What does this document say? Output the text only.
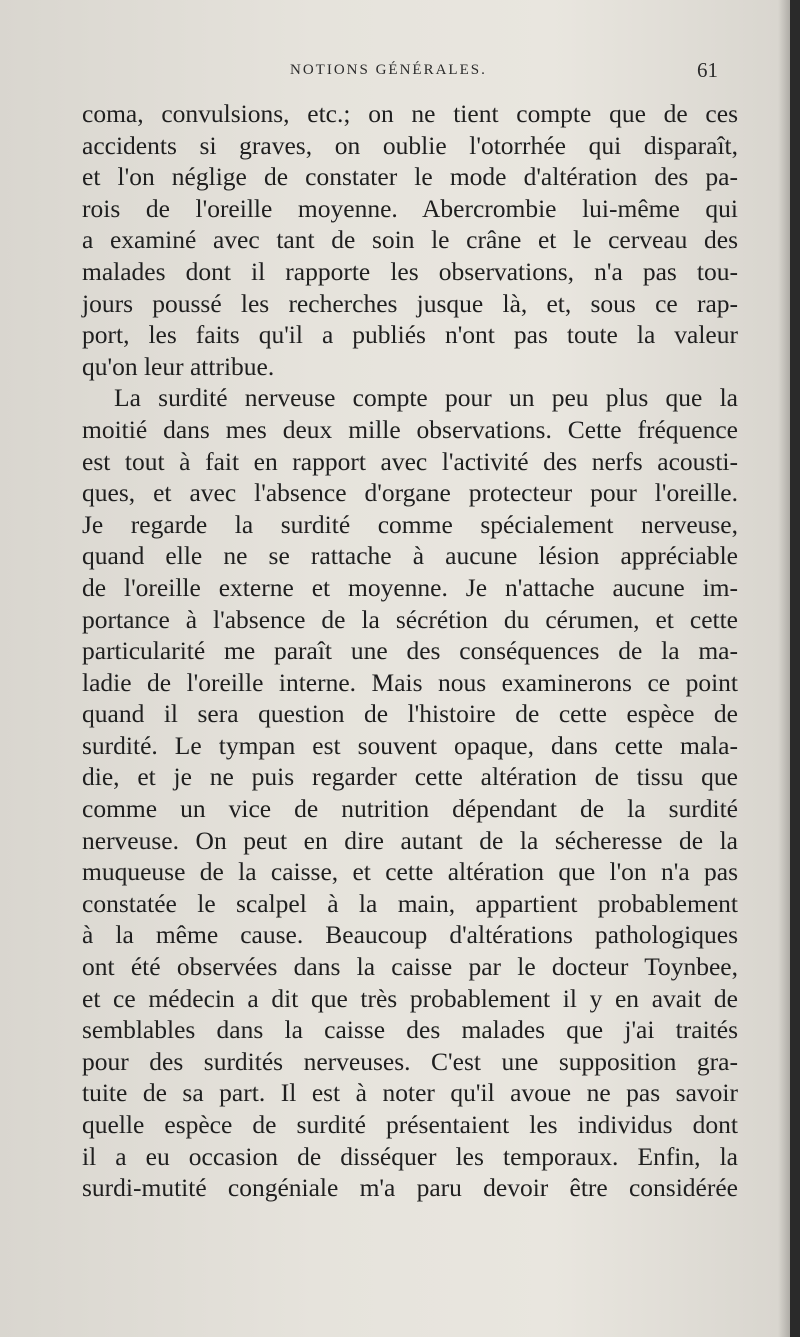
NOTIONS GÉNÉRALES.	61
coma, convulsions, etc.; on ne tient compte que de ces
accidents si graves, on oublie l'otorrhée qui disparaît,
et l'on néglige de constater le mode d'altération des pa-
rois de l'oreille moyenne. Abercrombie lui-même qui
a examiné avec tant de soin le crâne et le cerveau des
malades dont il rapporte les observations, n'a pas tou-
jours poussé les recherches jusque là, et, sous ce rap-
port, les faits qu'il a publiés n'ont pas toute la valeur
qu'on leur attribue.
La surdité nerveuse compte pour un peu plus que la
moitié dans mes deux mille observations. Cette fréquence
est tout à fait en rapport avec l'activité des nerfs acousti-
ques, et avec l'absence d'organe protecteur pour l'oreille.
Je regarde la surdité comme spécialement nerveuse,
quand elle ne se rattache à aucune lésion appréciable
de l'oreille externe et moyenne. Je n'attache aucune im-
portance à l'absence de la sécrétion du cérumen, et cette
particularité me paraît une des conséquences de la ma-
ladie de l'oreille interne. Mais nous examinerons ce point
quand il sera question de l'histoire de cette espèce de
surdité. Le tympan est souvent opaque, dans cette mala-
die, et je ne puis regarder cette altération de tissu que
comme un vice de nutrition dépendant de la surdité
nerveuse. On peut en dire autant de la sécheresse de la
muqueuse de la caisse, et cette altération que l'on n'a pas
constatée le scalpel à la main, appartient probablement
à la même cause. Beaucoup d'altérations pathologiques
ont été observées dans la caisse par le docteur Toynbee,
et ce médecin a dit que très probablement il y en avait de
semblables dans la caisse des malades que j'ai traités
pour des surdités nerveuses. C'est une supposition gra-
tuite de sa part. Il est à noter qu'il avoue ne pas savoir
quelle espèce de surdité présentaient les individus dont
il a eu occasion de disséquer les temporaux. Enfin, la
surdi-mutité congéniale m'a paru devoir être considérée
